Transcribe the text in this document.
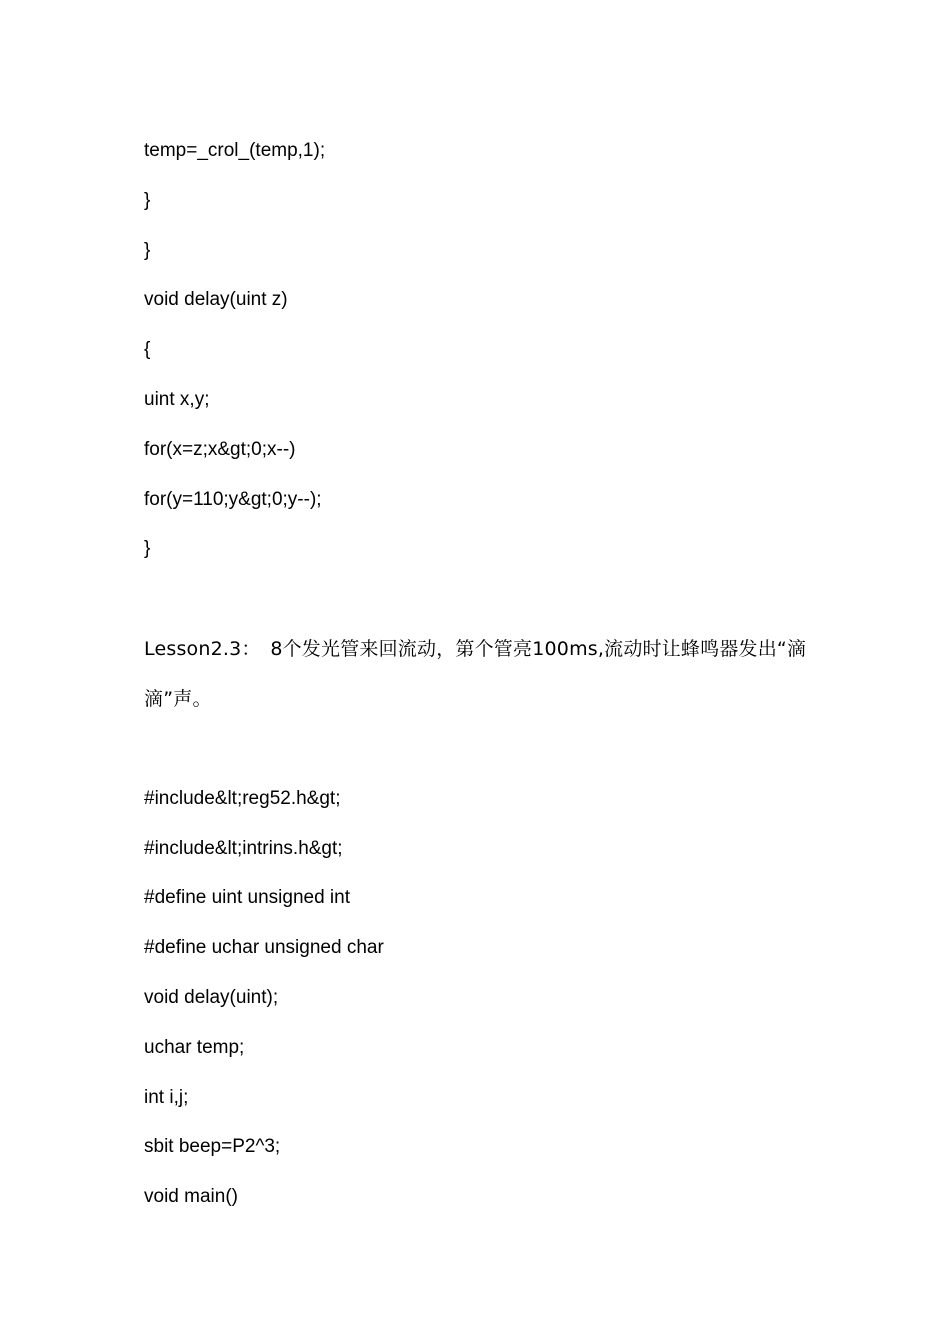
temp=_crol_(temp,1);
}
}
void delay(uint z)
{
uint x,y;
for(x=z;x&gt;0;x--)
for(y=110;y&gt;0;y--);
}
Lesson2.3：　8个发光管来回流动，第个管亮100ms,流动时让蜂鸣器发出“滴滴”声。
#include&lt;reg52.h&gt;
#include&lt;intrins.h&gt;
#define uint unsigned int
#define uchar unsigned char
void delay(uint);
uchar temp;
int i,j;
sbit beep=P2^3;
void main()
